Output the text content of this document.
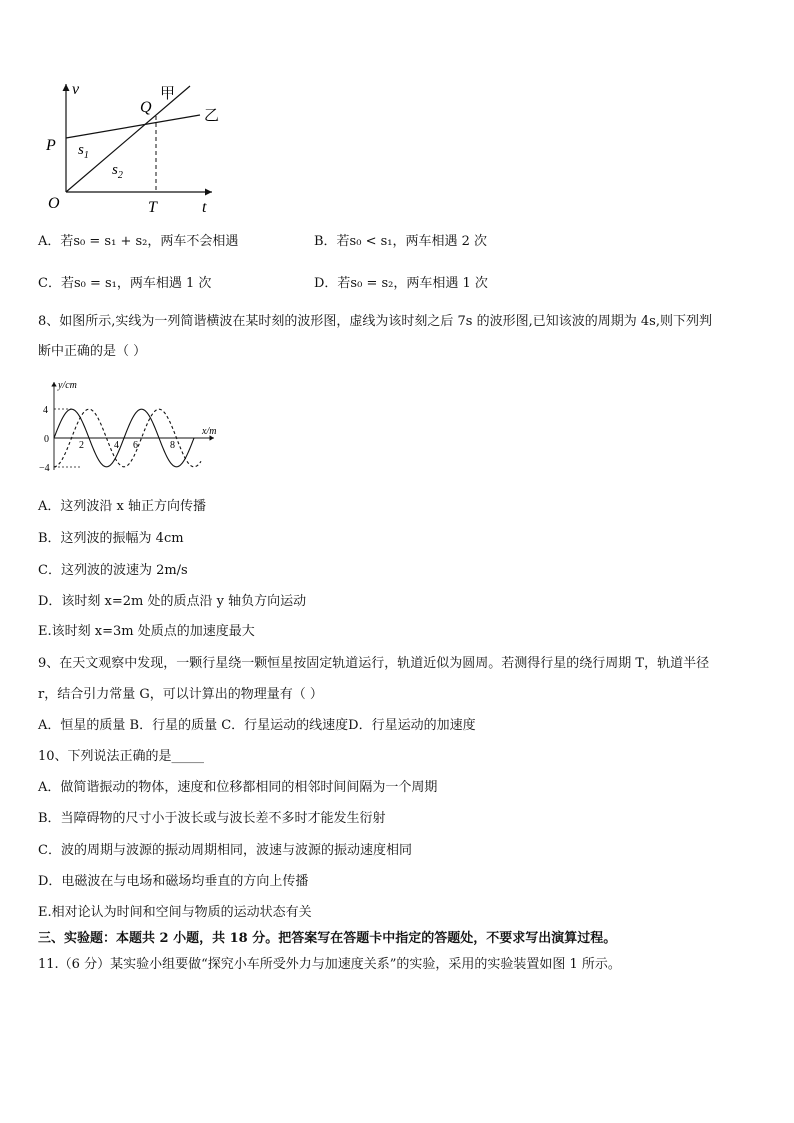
v
t
O
P
Q
T
甲
乙
$s_1$
$s_2$
A．若s₀ = s₁ + s₂，两车不会相遇	B．若s₀ < s₁，两车相遇 2 次
C．若s₀ = s₁，两车相遇 1 次	D．若s₀ = s₂，两车相遇 1 次
8、如图所示,实线为一列简谐横波在某时刻的波形图，虚线为该时刻之后 7s 的波形图,已知该波的周期为 4s,则下列判
断中正确的是（ ）
y/cm
x/m
4
0
−4
2	4 6	8
A．这列波沿 x 轴正方向传播
B．这列波的振幅为 4cm
C．这列波的波速为 2m/s
D．该时刻 x=2m 处的质点沿 y 轴负方向运动
E.该时刻 x=3m 处质点的加速度最大
9、在天文观察中发现，一颗行星绕一颗恒星按固定轨道运行，轨道近似为圆周。若测得行星的绕行周期 T，轨道半径
r，结合引力常量 G，可以计算出的物理量有（ ）
A．恒星的质量 B．行星的质量 C．行星运动的线速度D．行星运动的加速度
10、下列说法正确的是_____
A．做简谐振动的物体，速度和位移都相同的相邻时间间隔为一个周期
B．当障碍物的尺寸小于波长或与波长差不多时才能发生衍射
C．波的周期与波源的振动周期相同，波速与波源的振动速度相同
D．电磁波在与电场和磁场均垂直的方向上传播
E.相对论认为时间和空间与物质的运动状态有关
三、实验题：本题共 2 小题，共 18 分。把答案写在答题卡中指定的答题处，不要求写出演算过程。
11.（6 分）某实验小组要做“探究小车所受外力与加速度关系”的实验，采用的实验装置如图 1 所示。
